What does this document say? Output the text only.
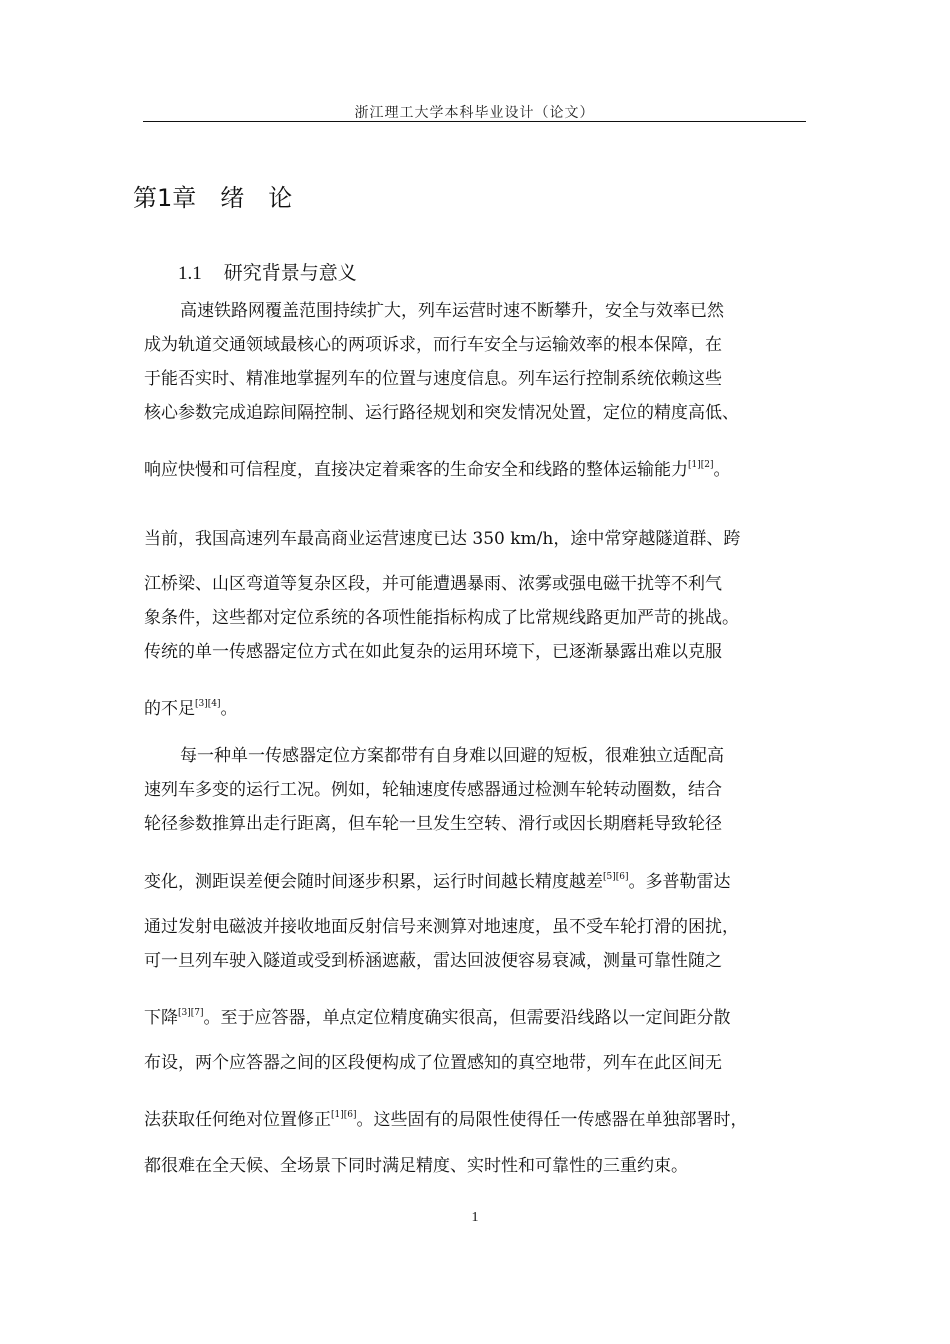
浙江理工大学本科毕业设计（论文）
第1章　绪　论
1.1 研究背景与意义
高速铁路网覆盖范围持续扩大，列车运营时速不断攀升，安全与效率已然
成为轨道交通领域最核心的两项诉求，而行车安全与运输效率的根本保障，在
于能否实时、精准地掌握列车的位置与速度信息。列车运行控制系统依赖这些
核心参数完成追踪间隔控制、运行路径规划和突发情况处置，定位的精度高低、
响应快慢和可信程度，直接决定着乘客的生命安全和线路的整体运输能力[1][2]。
当前，我国高速列车最高商业运营速度已达 350 km/h，途中常穿越隧道群、跨
江桥梁、山区弯道等复杂区段，并可能遭遇暴雨、浓雾或强电磁干扰等不利气
象条件，这些都对定位系统的各项性能指标构成了比常规线路更加严苛的挑战。
传统的单一传感器定位方式在如此复杂的运用环境下，已逐渐暴露出难以克服
的不足[3][4]。
每一种单一传感器定位方案都带有自身难以回避的短板，很难独立适配高
速列车多变的运行工况。例如，轮轴速度传感器通过检测车轮转动圈数，结合
轮径参数推算出走行距离，但车轮一旦发生空转、滑行或因长期磨耗导致轮径
变化，测距误差便会随时间逐步积累，运行时间越长精度越差[5][6]。多普勒雷达
通过发射电磁波并接收地面反射信号来测算对地速度，虽不受车轮打滑的困扰，
可一旦列车驶入隧道或受到桥涵遮蔽，雷达回波便容易衰减，测量可靠性随之
下降[3][7]。至于应答器，单点定位精度确实很高，但需要沿线路以一定间距分散
布设，两个应答器之间的区段便构成了位置感知的真空地带，列车在此区间无
法获取任何绝对位置修正[1][6]。这些固有的局限性使得任一传感器在单独部署时，
都很难在全天候、全场景下同时满足精度、实时性和可靠性的三重约束。
1
